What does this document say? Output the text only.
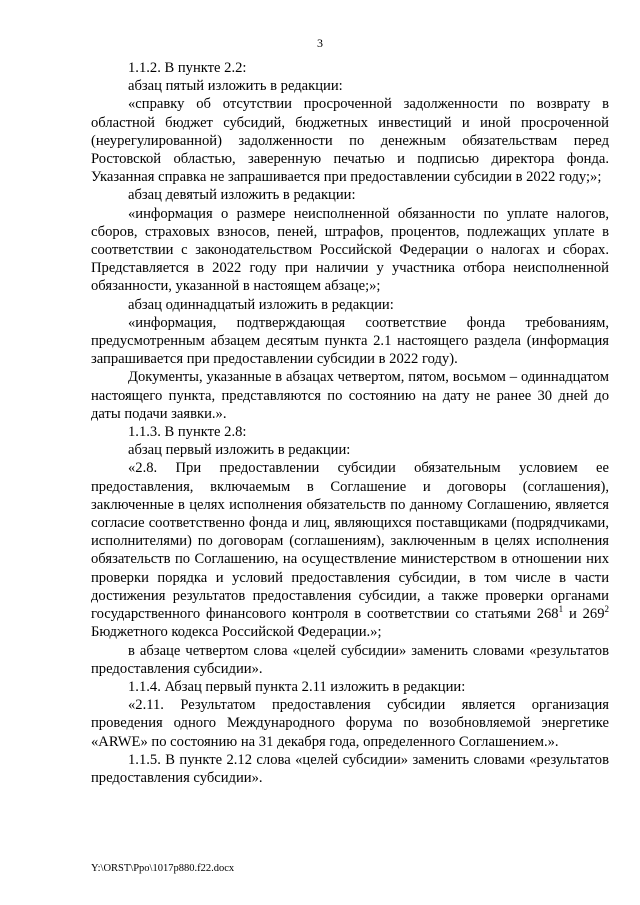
3

1.1.2. В пункте 2.2:

абзац пятый изложить в редакции:

«справку об отсутствии просроченной задолженности по возврату в областной бюджет субсидий, бюджетных инвестиций и иной просроченной (неурегулированной) задолженности по денежным обязательствам перед Ростовской областью, заверенную печатью и подписью директора фонда. Указанная справка не запрашивается при предоставлении субсидии в 2022 году;»;

абзац девятый изложить в редакции:

«информация о размере неисполненной обязанности по уплате налогов, сборов, страховых взносов, пеней, штрафов, процентов, подлежащих уплате в соответствии с законодательством Российской Федерации о налогах и сборах. Представляется в 2022 году при наличии у участника отбора неисполненной обязанности, указанной в настоящем абзаце;»;

абзац одиннадцатый изложить в редакции:

«информация, подтверждающая соответствие фонда требованиям, предусмотренным абзацем десятым пункта 2.1 настоящего раздела (информация запрашивается при предоставлении субсидии в 2022 году).

Документы, указанные в абзацах четвертом, пятом, восьмом – одиннадцатом настоящего пункта, представляются по состоянию на дату не ранее 30 дней до даты подачи заявки.».

1.1.3. В пункте 2.8:

абзац первый изложить в редакции:

«2.8. При предоставлении субсидии обязательным условием ее предоставления, включаемым в Соглашение и договоры (соглашения), заключенные в целях исполнения обязательств по данному Соглашению, является согласие соответственно фонда и лиц, являющихся поставщиками (подрядчиками, исполнителями) по договорам (соглашениям), заключенным в целях исполнения обязательств по Соглашению, на осуществление министерством в отношении них проверки порядка и условий предоставления субсидии, в том числе в части достижения результатов предоставления субсидии, а также проверки органами государственного финансового контроля в соответствии со статьями $268^1$ и $269^2$ Бюджетного кодекса Российской Федерации.»;

в абзаце четвертом слова «целей субсидии» заменить словами «результатов предоставления субсидии».

1.1.4. Абзац первый пункта 2.11 изложить в редакции:

«2.11. Результатом предоставления субсидии является организация проведения одного Международного форума по возобновляемой энергетике «ARWE» по состоянию на 31 декабря года, определенного Соглашением.».

1.1.5. В пункте 2.12 слова «целей субсидии» заменить словами «результатов предоставления субсидии».

Y:\ORST\Ppo\1017p880.f22.docx
